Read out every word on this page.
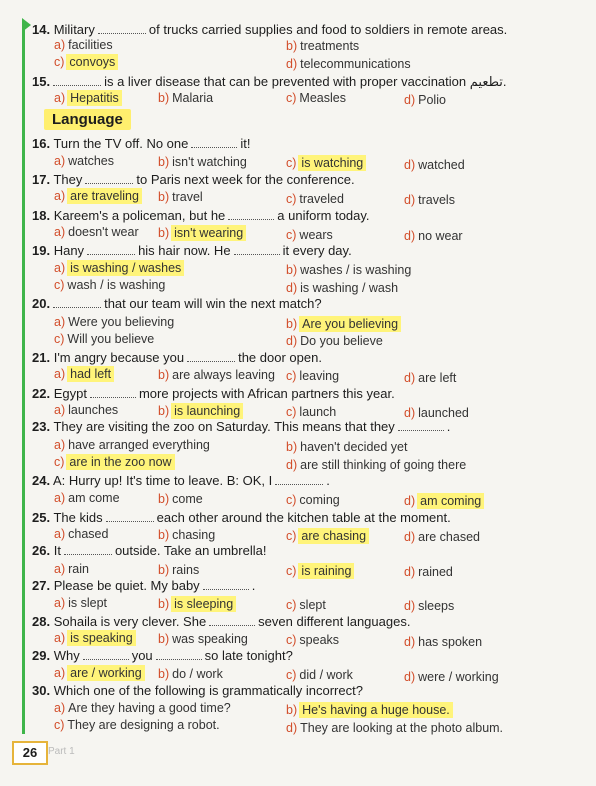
14. Military	of trucks carried supplies and food to soldiers in remote areas.
a) facilities	b) treatments
c) convoys	d) telecommunications
15.	is a liver disease that can be prevented with proper vaccination تطعيم.
a) Hepatitis	b) Malaria	c) Measles	d) Polio
Language
16. Turn the TV off. No one	it!
a) watches	b) isn't watching	c) is watching	d) watched
17. They	to Paris next week for the conference.
a) are traveling b) travel	c) traveled	d) travels
18. Kareem's a policeman, but he	a uniform today.
a) doesn't wear b) isn't wearing	c) wears	d) no wear
19. Hany	his hair now. He	it every day.
a) is washing / washes	b) washes / is washing
c) wash / is washing	d) is washing / wash
20.	that our team will win the next match?
a) Were you believing	b) Are you believing
c) Will you believe	d) Do you believe
21. I'm angry because you	the door open.
a) had left	b) are always leaving c) leaving	d) are left
22. Egypt	more projects with African partners this year.
a) launches	b) is launching	c) launch	d) launched
23. They are visiting the zoo on Saturday. This means that they	.
a) have arranged everything	b) haven't decided yet
c) are in the zoo now	d) are still thinking of going there
24. A: Hurry up! It's time to leave. B: OK, I	.
a) am come	b) come	c) coming	d) am coming
25. The kids	each other around the kitchen table at the moment.
a) chased	b) chasing	c) are chasing	d) are chased
26. It	outside. Take an umbrella!
a) rain	b) rains	c) is raining	d) rained
27. Please be quiet. My baby	.
a) is slept	b) is sleeping	c) slept	d) sleeps
28. Sohaila is very clever. She	seven different languages.
a) is speaking b) was speaking	c) speaks	d) has spoken
29. Why	you	so late tonight?
a) are / working b) do / work	c) did / work	d) were / working
30. Which one of the following is grammatically incorrect?
a) Are they having a good time?	b) He's having a huge house.
c) They are designing a robot.	d) They are looking at the photo album.
26	Part 1
